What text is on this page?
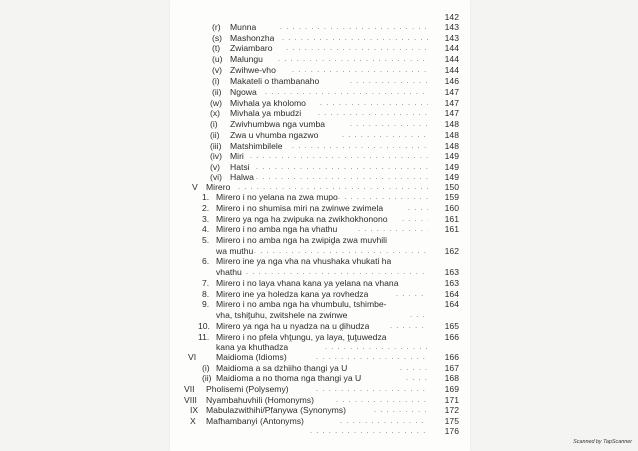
142
(r) Munna . . .	143
(s) Mashonzha . . .	143
(t) Zwiambaro . . .	144
(u) Malungu . . .	144
(v) Zwihwe-vho . . .	144
(i) Makateli o thambanaho . . .	146
(ii) Ngowa . . .	147
(w) Mivhala ya kholomo . . .	147
(x) Mivhala ya mbudzi . . .	147
(i) Zwivhumbwa nga vumba . . .	148
(ii) Zwa u vhumba ngazwo . . .	148
(iii) Matshimbilele . . .	148
(iv) Miri . . .	149
(v) Hatsi . . .	149
(vi) Halwa . . .	149
V Mirero . . .	150
1. Mirero i no yelana na zwa mupo . . .	159
2. Mirero i no shumisa miri na zwinwe zwimela . . .	160
3. Mirero ya nga ha zwipuka na zwikhokhonono . . .	161
4. Mirero i no amba nga ha vhathu . . .	161
5. Mirero i no amba nga ha zwipiḓa zwa muvhili
wa muthu . . .	162
6. Mirero ine ya nga vha na vhushaka vhukati ha
vhathu . . .	163
7. Mirero i no laya vhana kana ya yelana na vhana	163
8. Mirero ine ya holedza kana ya rovhedza . . .	164
9. Mirero i no amba nga ha vhumbulu, tshimbe-	164
vha, tshiṱuhu, zwitshele na zwinwe
. . .
10. Mirero ya nga ha u nyadza na u ḓihudza . . .	165
11. Mirero i no pfela vhṱungu, ya laya, ṱuṱuwedza	166
kana ya khuthadza
. . .
VI Maidioma (Idioms) . . .	166
(i) Maidioma a sa dzhiiho thangi ya U . . .	167
(ii) Maidioma a no thoma nga thangi ya U . . .	168
VII Pholisemi (Polysemy) . . .	169
VIII Nyambahuvhili (Homonyms) . . .	171
IX Mabulazwithihi/Pfanywa (Synonyms) . . .	172
X Mafhambanyi (Antonyms) . . .	175
. . .
176
Scanned by TapScanner
